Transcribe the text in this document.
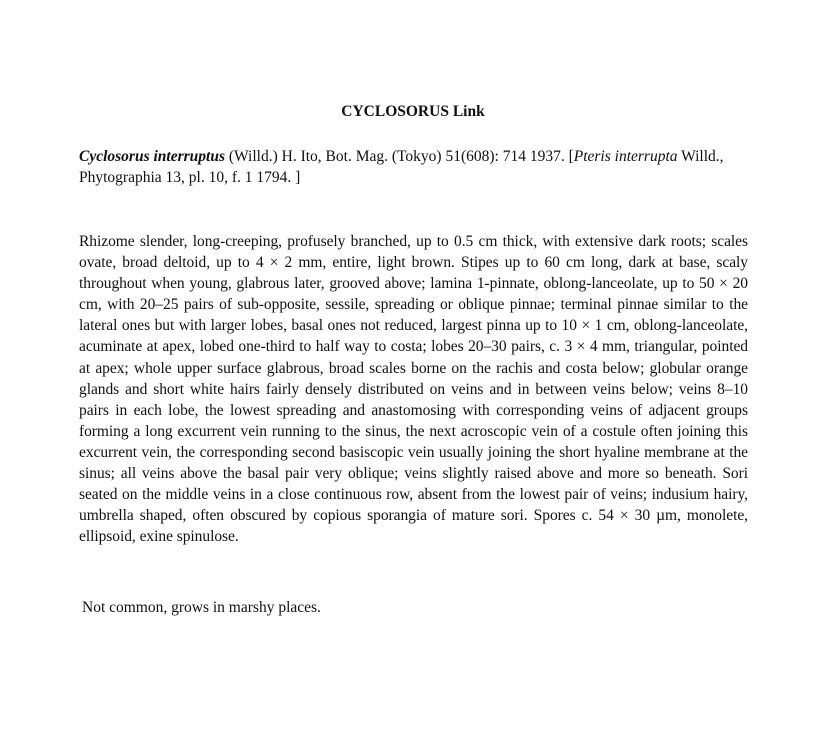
CYCLOSORUS Link

Cyclosorus interruptus (Willd.) H. Ito, Bot. Mag. (Tokyo) 51(608): 714 1937. [Pteris interrupta Willd., Phytographia 13, pl. 10, f. 1 1794. ]

Rhizome slender, long-creeping, profusely branched, up to 0.5 cm thick, with extensive dark roots; scales ovate, broad deltoid, up to 4 × 2 mm, entire, light brown. Stipes up to 60 cm long, dark at base, scaly throughout when young, glabrous later, grooved above; lamina 1-pinnate, oblong-lanceolate, up to 50 × 20 cm, with 20–25 pairs of sub-opposite, sessile, spreading or oblique pinnae; terminal pinnae similar to the lateral ones but with larger lobes, basal ones not reduced, largest pinna up to 10 × 1 cm, oblong-lanceolate, acuminate at apex, lobed one-third to half way to costa; lobes 20–30 pairs, c. 3 × 4 mm, triangular, pointed at apex; whole upper surface glabrous, broad scales borne on the rachis and costa below; globular orange glands and short white hairs fairly densely distributed on veins and in between veins below; veins 8–10 pairs in each lobe, the lowest spreading and anastomosing with corresponding veins of adjacent groups forming a long excurrent vein running to the sinus, the next acroscopic vein of a costule often joining this excurrent vein, the corresponding second basiscopic vein usually joining the short hyaline membrane at the sinus; all veins above the basal pair very oblique; veins slightly raised above and more so beneath. Sori seated on the middle veins in a close continuous row, absent from the lowest pair of veins; indusium hairy, umbrella shaped, often obscured by copious sporangia of mature sori. Spores c. 54 × 30 µm, monolete, ellipsoid, exine spinulose.

Not common, grows in marshy places.
